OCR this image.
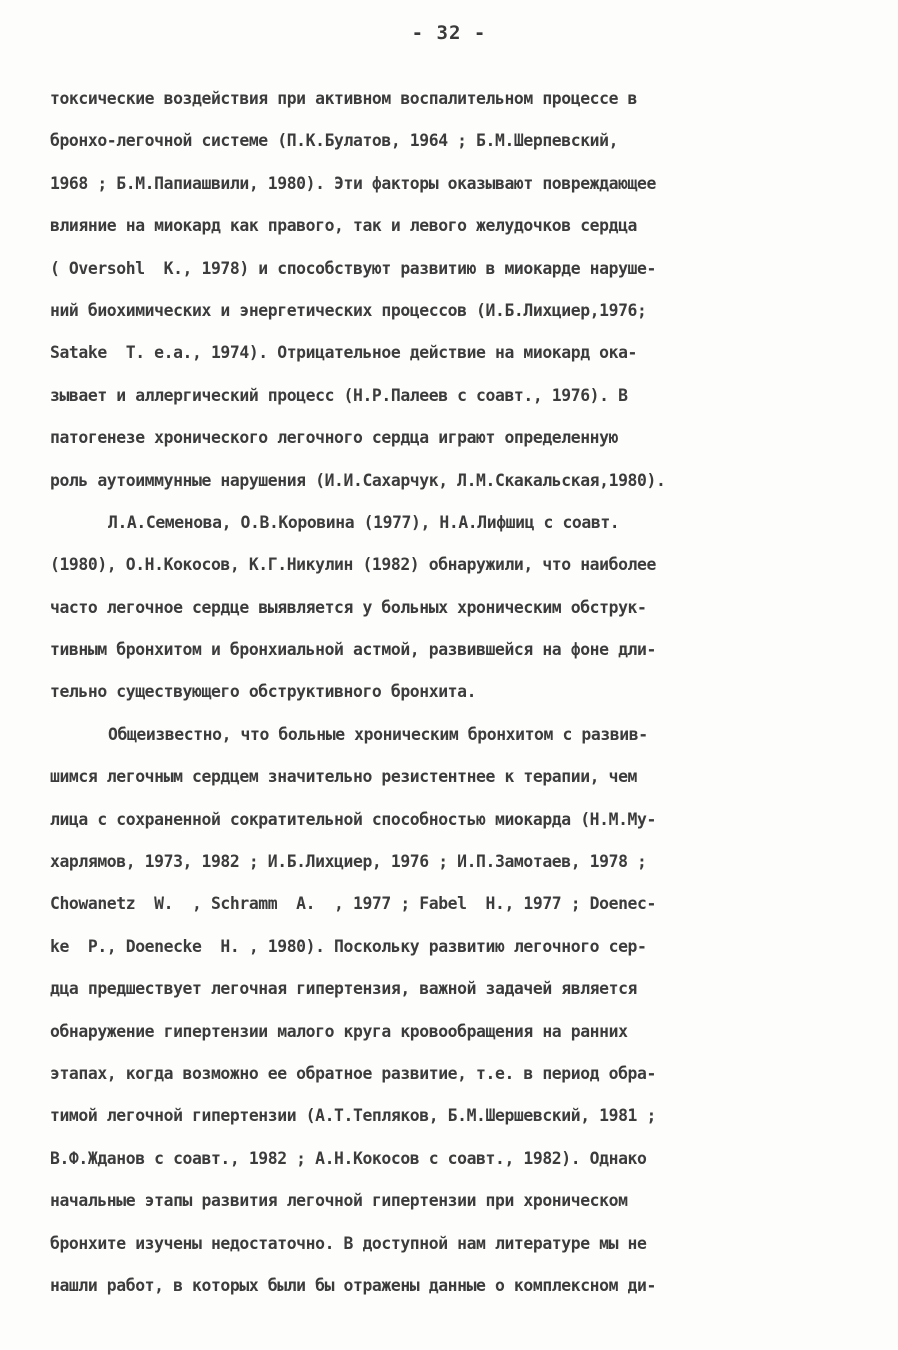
- 32 -
токсические воздействия при активном воспалительном процессе в
бронхо-легочной системе (П.К.Булатов, 1964 ; Б.М.Шерпевский,
1968 ; Б.М.Папиашвили, 1980). Эти факторы оказывают повреждающее
влияние на миокард как правого, так и левого желудочков сердца
( Oversohl  K., 1978) и способствуют развитию в миокарде наруше-
ний биохимических и энергетических процессов (И.Б.Лихциер,1976;
Satake  T. e.a., 1974). Отрицательное действие на миокард ока-
зывает и аллергический процесс (Н.Р.Палеев с соавт., 1976). В
патогенезе хронического легочного сердца играют определенную
роль аутоиммунные нарушения (И.И.Сахарчук, Л.М.Скакальская,1980).
Л.А.Семенова, О.В.Коровина (1977), Н.А.Лифшиц с соавт.
(1980), О.Н.Кокосов, К.Г.Никулин (1982) обнаружили, что наиболее
часто легочное сердце выявляется у больных хроническим обструк-
тивным бронхитом и бронхиальной астмой, развившейся на фоне дли-
тельно существующего обструктивного бронхита.
Общеизвестно, что больные хроническим бронхитом с развив-
шимся легочным сердцем значительно резистентнее к терапии, чем
лица с сохраненной сократительной способностью миокарда (Н.М.Му-
харлямов, 1973, 1982 ; И.Б.Лихциер, 1976 ; И.П.Замотаев, 1978 ;
Chowanetz  W.  , Schramm  A.  , 1977 ; Fabel  H., 1977 ; Doenec-
ke  P., Doenecke  H. , 1980). Поскольку развитию легочного сер-
дца предшествует легочная гипертензия, важной задачей является
обнаружение гипертензии малого круга кровообращения на ранних
этапах, когда возможно ее обратное развитие, т.е. в период обра-
тимой легочной гипертензии (А.Т.Тепляков, Б.М.Шершевский, 1981 ;
В.Ф.Жданов с соавт., 1982 ; А.Н.Кокосов с соавт., 1982). Однако
начальные этапы развития легочной гипертензии при хроническом
бронхите изучены недостаточно. В доступной нам литературе мы не
нашли работ, в которых были бы отражены данные о комплексном ди-
